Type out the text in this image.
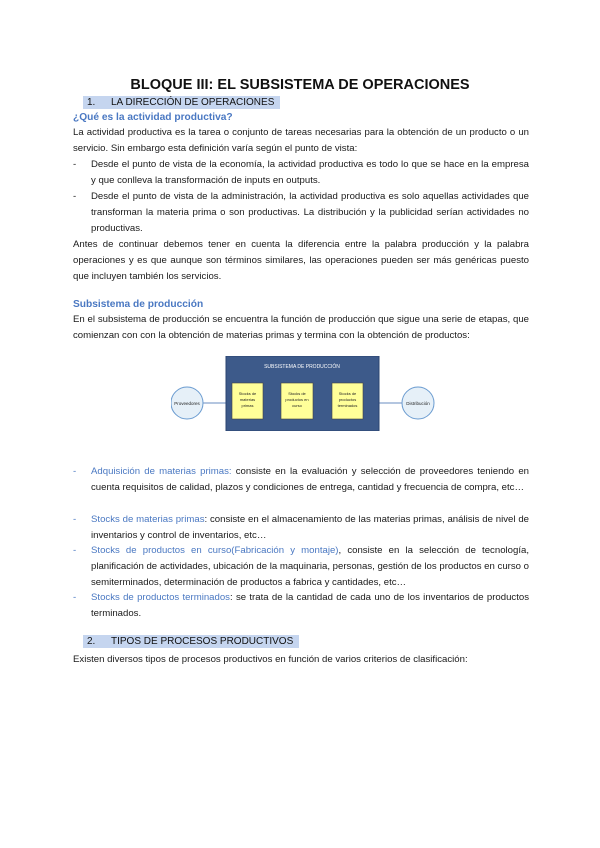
BLOQUE III: EL SUBSISTEMA DE OPERACIONES
1. LA DIRECCIÓN DE OPERACIONES
¿Qué es la actividad productiva?
La actividad productiva es la tarea o conjunto de tareas necesarias para la obtención de un producto o un servicio. Sin embargo esta definición varía según el punto de vista:
- Desde el punto de vista de la economía, la actividad productiva es todo lo que se hace en la empresa y que conlleva la transformación de inputs en outputs.
- Desde el punto de vista de la administración, la actividad productiva es solo aquellas actividades que transforman la materia prima o son productivas. La distribución y la publicidad serían actividades no productivas.
Antes de continuar debemos tener en cuenta la diferencia entre la palabra producción y la palabra operaciones y es que aunque son términos similares, las operaciones pueden ser más genéricas puesto que incluyen también los servicios.
Subsistema de producción
En el subsistema de producción se encuentra la función de producción que sigue una serie de etapas, que comienzan con con la obtención de materias primas y termina con la obtención de productos:
Proveedores	Distribución
SUBSISTEMA DE PRODUCCIÓN
Stocks de
materias
primas
Stocks de
productos en
curso
Stocks de
productos
terminados
- Adquisición de materias primas: consiste en la evaluación y selección de proveedores teniendo en cuenta requisitos de calidad, plazos y condiciones de entrega, cantidad y frecuencia de compra, etc…
- Stocks de materias primas: consiste en el almacenamiento de las materias primas, análisis de nivel de inventarios y control de inventarios, etc…
- Stocks de productos en curso(Fabricación y montaje), consiste en la selección de tecnología, planificación de actividades, ubicación de la maquinaria, personas, gestión de los productos en curso o semiterminados, determinación de productos a fabrica y cantidades, etc…
- Stocks de productos terminados: se trata de la cantidad de cada uno de los inventarios de productos terminados.
2. TIPOS DE PROCESOS PRODUCTIVOS
Existen diversos tipos de procesos productivos en función de varios criterios de clasificación:
